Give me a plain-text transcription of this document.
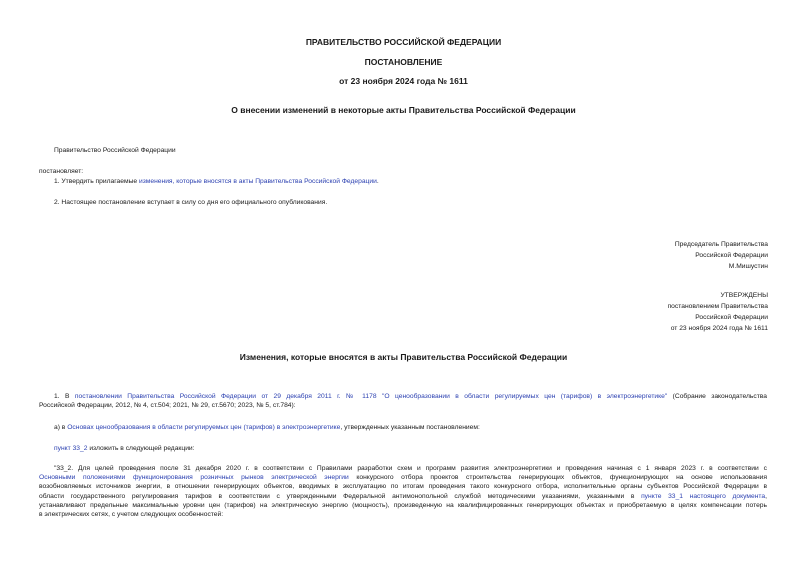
ПРАВИТЕЛЬСТВО РОССИЙСКОЙ ФЕДЕРАЦИИ
ПОСТАНОВЛЕНИЕ
от 23 ноября 2024 года № 1611
О внесении изменений в некоторые акты Правительства Российской Федерации
Правительство Российской Федерации
постановляет:
1. Утвердить прилагаемые изменения, которые вносятся в акты Правительства Российской Федерации.
2. Настоящее постановление вступает в силу со дня его официального опубликования.
Председатель Правительства
Российской Федерации
М.Мишустин
УТВЕРЖДЕНЫ
постановлением Правительства
Российской Федерации
от 23 ноября 2024 года № 1611
Изменения, которые вносятся в акты Правительства Российской Федерации
1. В постановлении Правительства Российской Федерации от 29 декабря 2011 г. № 1178 "О ценообразовании в области регулируемых цен (тарифов) в электроэнергетике" (Собрание законодательства
Российской Федерации, 2012, № 4, ст.504; 2021, № 29, ст.5670; 2023, № 5, ст.784):
а) в Основах ценообразования в области регулируемых цен (тарифов) в электроэнергетике, утвержденных указанным постановлением:
пункт 33_2 изложить в следующей редакции:
"33_2. Для целей проведения после 31 декабря 2020 г. в соответствии с Правилами разработки схем и программ развития электроэнергетики и проведения начиная с 1 января 2023 г. в соответствии с
Основными положениями функционирования розничных рынков электрической энергии конкурсного отбора проектов строительства генерирующих объектов, функционирующих на основе использования
возобновляемых источников энергии, в отношении генерирующих объектов, вводимых в эксплуатацию по итогам проведения такого конкурсного отбора, исполнительные органы субъектов Российской Федерации в
области государственного регулирования тарифов в соответствии с утвержденными Федеральной антимонопольной службой методическими указаниями, указанными в пункте 33_1 настоящего документа,
устанавливают предельные максимальные уровни цен (тарифов) на электрическую энергию (мощность), произведенную на квалифицированных генерирующих объектах и приобретаемую в целях компенсации потерь
в электрических сетях, с учетом следующих особенностей:
